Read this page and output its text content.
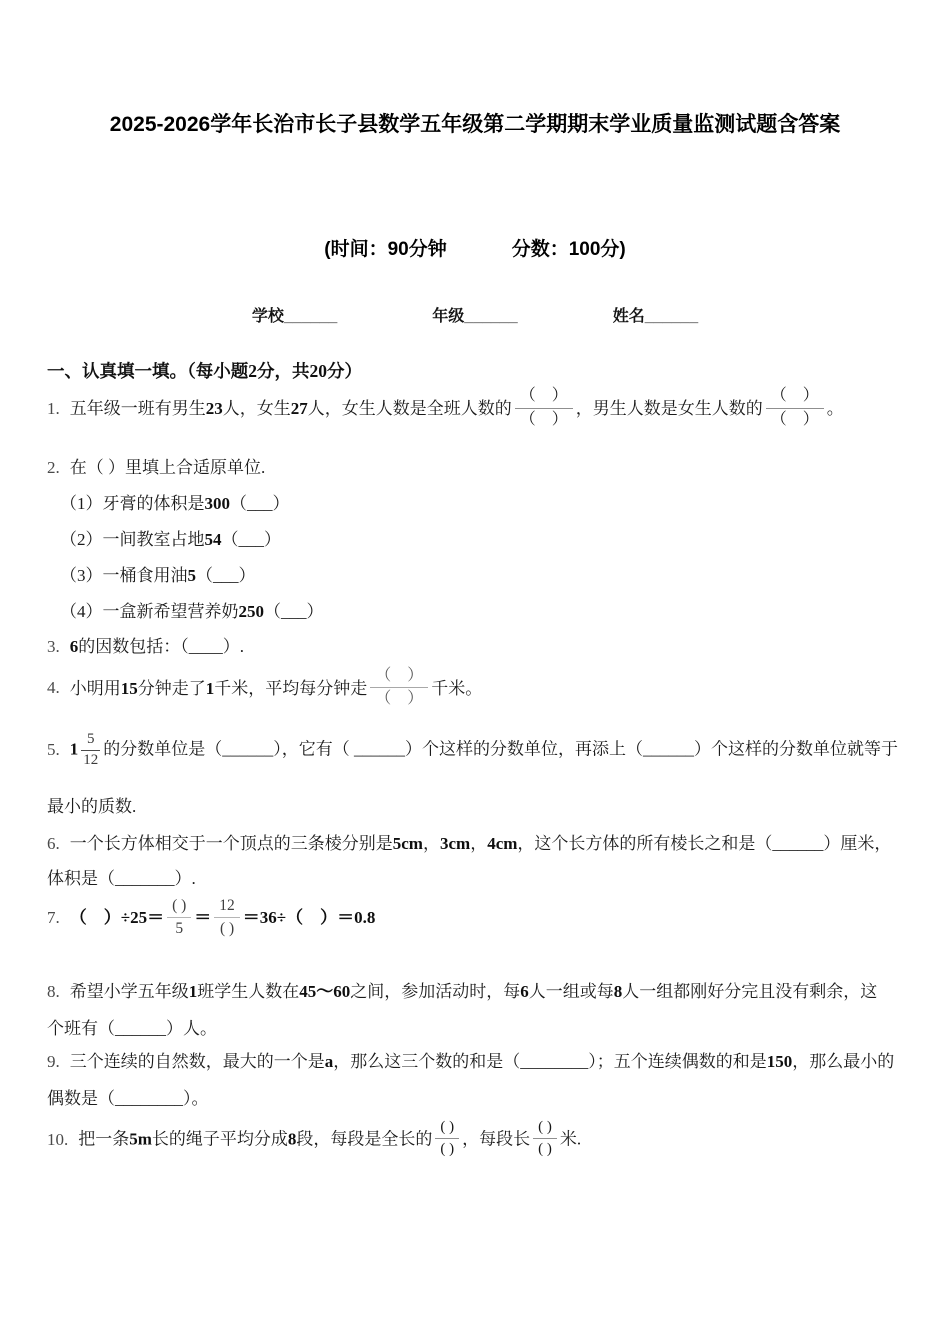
2025-2026学年长治市长子县数学五年级第二学期期末学业质量监测试题含答案
(时间：90分钟	分数：100分)
学校______	年级______	姓名______
一、认真填一填。（每小题2分，共20分）
1. 五年级一班有男生23人，女生27人，女生人数是全班人数的 $\frac{( )}{( )}$ ，男生人数是女生人数的 $\frac{( )}{( )}$ 。
2. 在（ ）里填上合适原单位.
（1）牙膏的体积是300（___）
（2）一间教室占地54（___）
（3）一桶食用油5（___）
（4）一盒新希望营养奶250（___）
3. 6的因数包括：（____）.
4. 小明用15分钟走了1千米，平均每分钟走 $\frac{( )}{( )}$ 千米。
5. $1 \frac{5}{12}$ 的分数单位是（______），它有（ ______）个这样的分数单位，再添上（______）个这样的分数单位就等于
最小的质数.
6. 一个长方体相交于一个顶点的三条棱分别是5cm，3cm，4cm，这个长方体的所有棱长之和是（______）厘米，
体积是（_______）.
7. （　）$\div 25= \frac{( )}{5} = \frac{12}{( )} =36\div$（　）＝0.8
8. 希望小学五年级1班学生人数在45～60之间，参加活动时，每6人一组或每8人一组都刚好分完且没有剩余，这
个班有（______）人。
9. 三个连续的自然数，最大的一个是a，那么这三个数的和是（________）；五个连续偶数的和是150，那么最小的
偶数是（________）。
10. 把一条5m长的绳子平均分成8段，每段是全长的 $\frac{( )}{( )}$ ，每段长 $\frac{( )}{( )}$ 米.
